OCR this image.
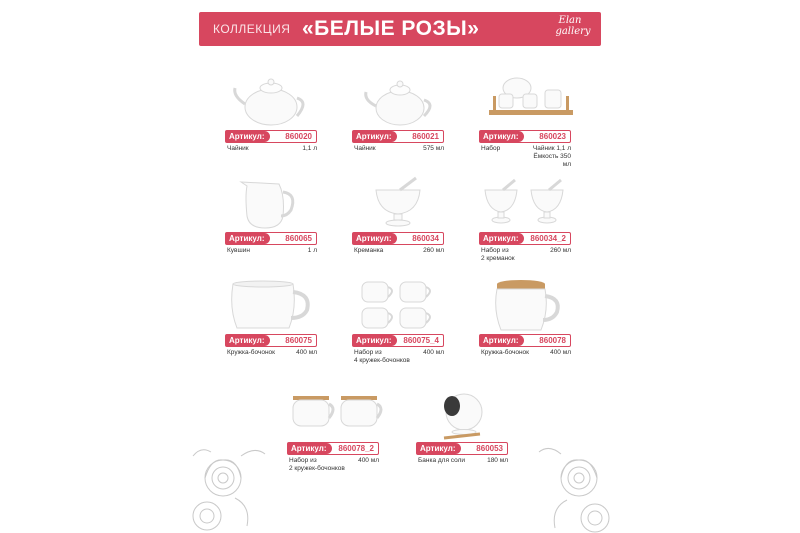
КОЛЛЕКЦИЯ «БЕЛЫЕ РОЗЫ»	Elan
gallery
Артикул:	860020
Чайник	1,1 л
Артикул:	860021
Чайник	575 мл
Артикул:	860023
Набор	Чайник 1,1 л
Ёмкость 350 мл
Артикул:	860065
Кувшин	1 л
Артикул:	860034
Креманка	260 мл
Артикул:	860034_2
Набор из
2 креманок
260 мл
Артикул:	860075
Кружка-бочонок	400 мл
Артикул:	860075_4
Набор из
4 кружек-бочонков
400 мл
Артикул:	860078
Кружка-бочонок	400 мл
Артикул:	860078_2
Набор из
2 кружек-бочонков
400 мл
Артикул:	860053
Банка для соли	180 мл
